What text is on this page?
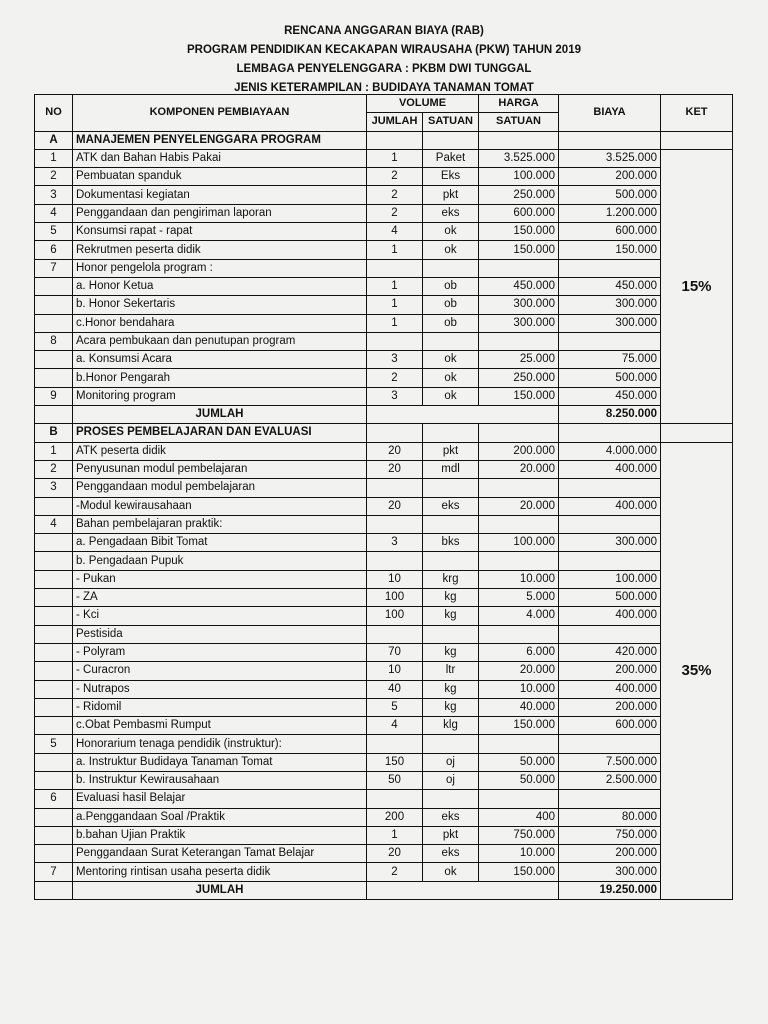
RENCANA ANGGARAN BIAYA (RAB)
PROGRAM PENDIDIKAN KECAKAPAN WIRAUSAHA (PKW) TAHUN 2019
LEMBAGA PENYELENGGARA : PKBM DWI TUNGGAL
JENIS KETERAMPILAN : BUDIDAYA TANAMAN TOMAT
NO	KOMPONEN PEMBIAYAAN	VOLUME		HARGA	BIAYA	KET
		JUMLAH	SATUAN	SATUAN		
A	MANAJEMEN PENYELENGGARA PROGRAM					
1	ATK dan Bahan Habis Pakai	1	Paket	3.525.000	3.525.000	15%
2	Pembuatan spanduk	2	Eks	100.000	200.000	
3	Dokumentasi kegiatan	2	pkt	250.000	500.000	
4	Penggandaan dan pengiriman laporan	2	eks	600.000	1.200.000	
5	Konsumsi rapat - rapat	4	ok	150.000	600.000	
6	Rekrutmen peserta didik	1	ok	150.000	150.000	
7	Honor pengelola program :					
	a. Honor Ketua	1	ob	450.000	450.000	
	b. Honor Sekertaris	1	ob	300.000	300.000	
	c.Honor bendahara	1	ob	300.000	300.000	
8	Acara pembukaan dan penutupan program					
	a. Konsumsi Acara	3	ok	25.000	75.000	
	b.Honor Pengarah	2	ok	250.000	500.000	
9	Monitoring program	3	ok	150.000	450.000	
	JUMLAH				8.250.000	
B	PROSES PEMBELAJARAN DAN EVALUASI					
1	ATK peserta didik	20	pkt	200.000	4.000.000	35%
2	Penyusunan modul pembelajaran	20	mdl	20.000	400.000	
3	Penggandaan modul pembelajaran					
	-Modul kewirausahaan	20	eks	20.000	400.000	
4	Bahan pembelajaran praktik:					
	a. Pengadaan Bibit Tomat	3	bks	100.000	300.000	
	b. Pengadaan Pupuk					
	- Pukan	10	krg	10.000	100.000	
	- ZA	100	kg	5.000	500.000	
	- Kci	100	kg	4.000	400.000	
	Pestisida					
	- Polyram	70	kg	6.000	420.000	
	- Curacron	10	ltr	20.000	200.000	
	- Nutrapos	40	kg	10.000	400.000	
	- Ridomil	5	kg	40.000	200.000	
	c.Obat Pembasmi Rumput	4	klg	150.000	600.000	
5	Honorarium tenaga pendidik (instruktur):					
	a. Instruktur Budidaya Tanaman Tomat	150	oj	50.000	7.500.000	
	b. Instruktur Kewirausahaan	50	oj	50.000	2.500.000	
6	Evaluasi hasil Belajar					
	a.Penggandaan Soal /Praktik	200	eks	400	80.000	
	b.bahan Ujian Praktik	1	pkt	750.000	750.000	
	Penggandaan Surat Keterangan Tamat Belajar	20	eks	10.000	200.000	
7	Mentoring rintisan usaha peserta didik	2	ok	150.000	300.000	
	JUMLAH				19.250.000	
